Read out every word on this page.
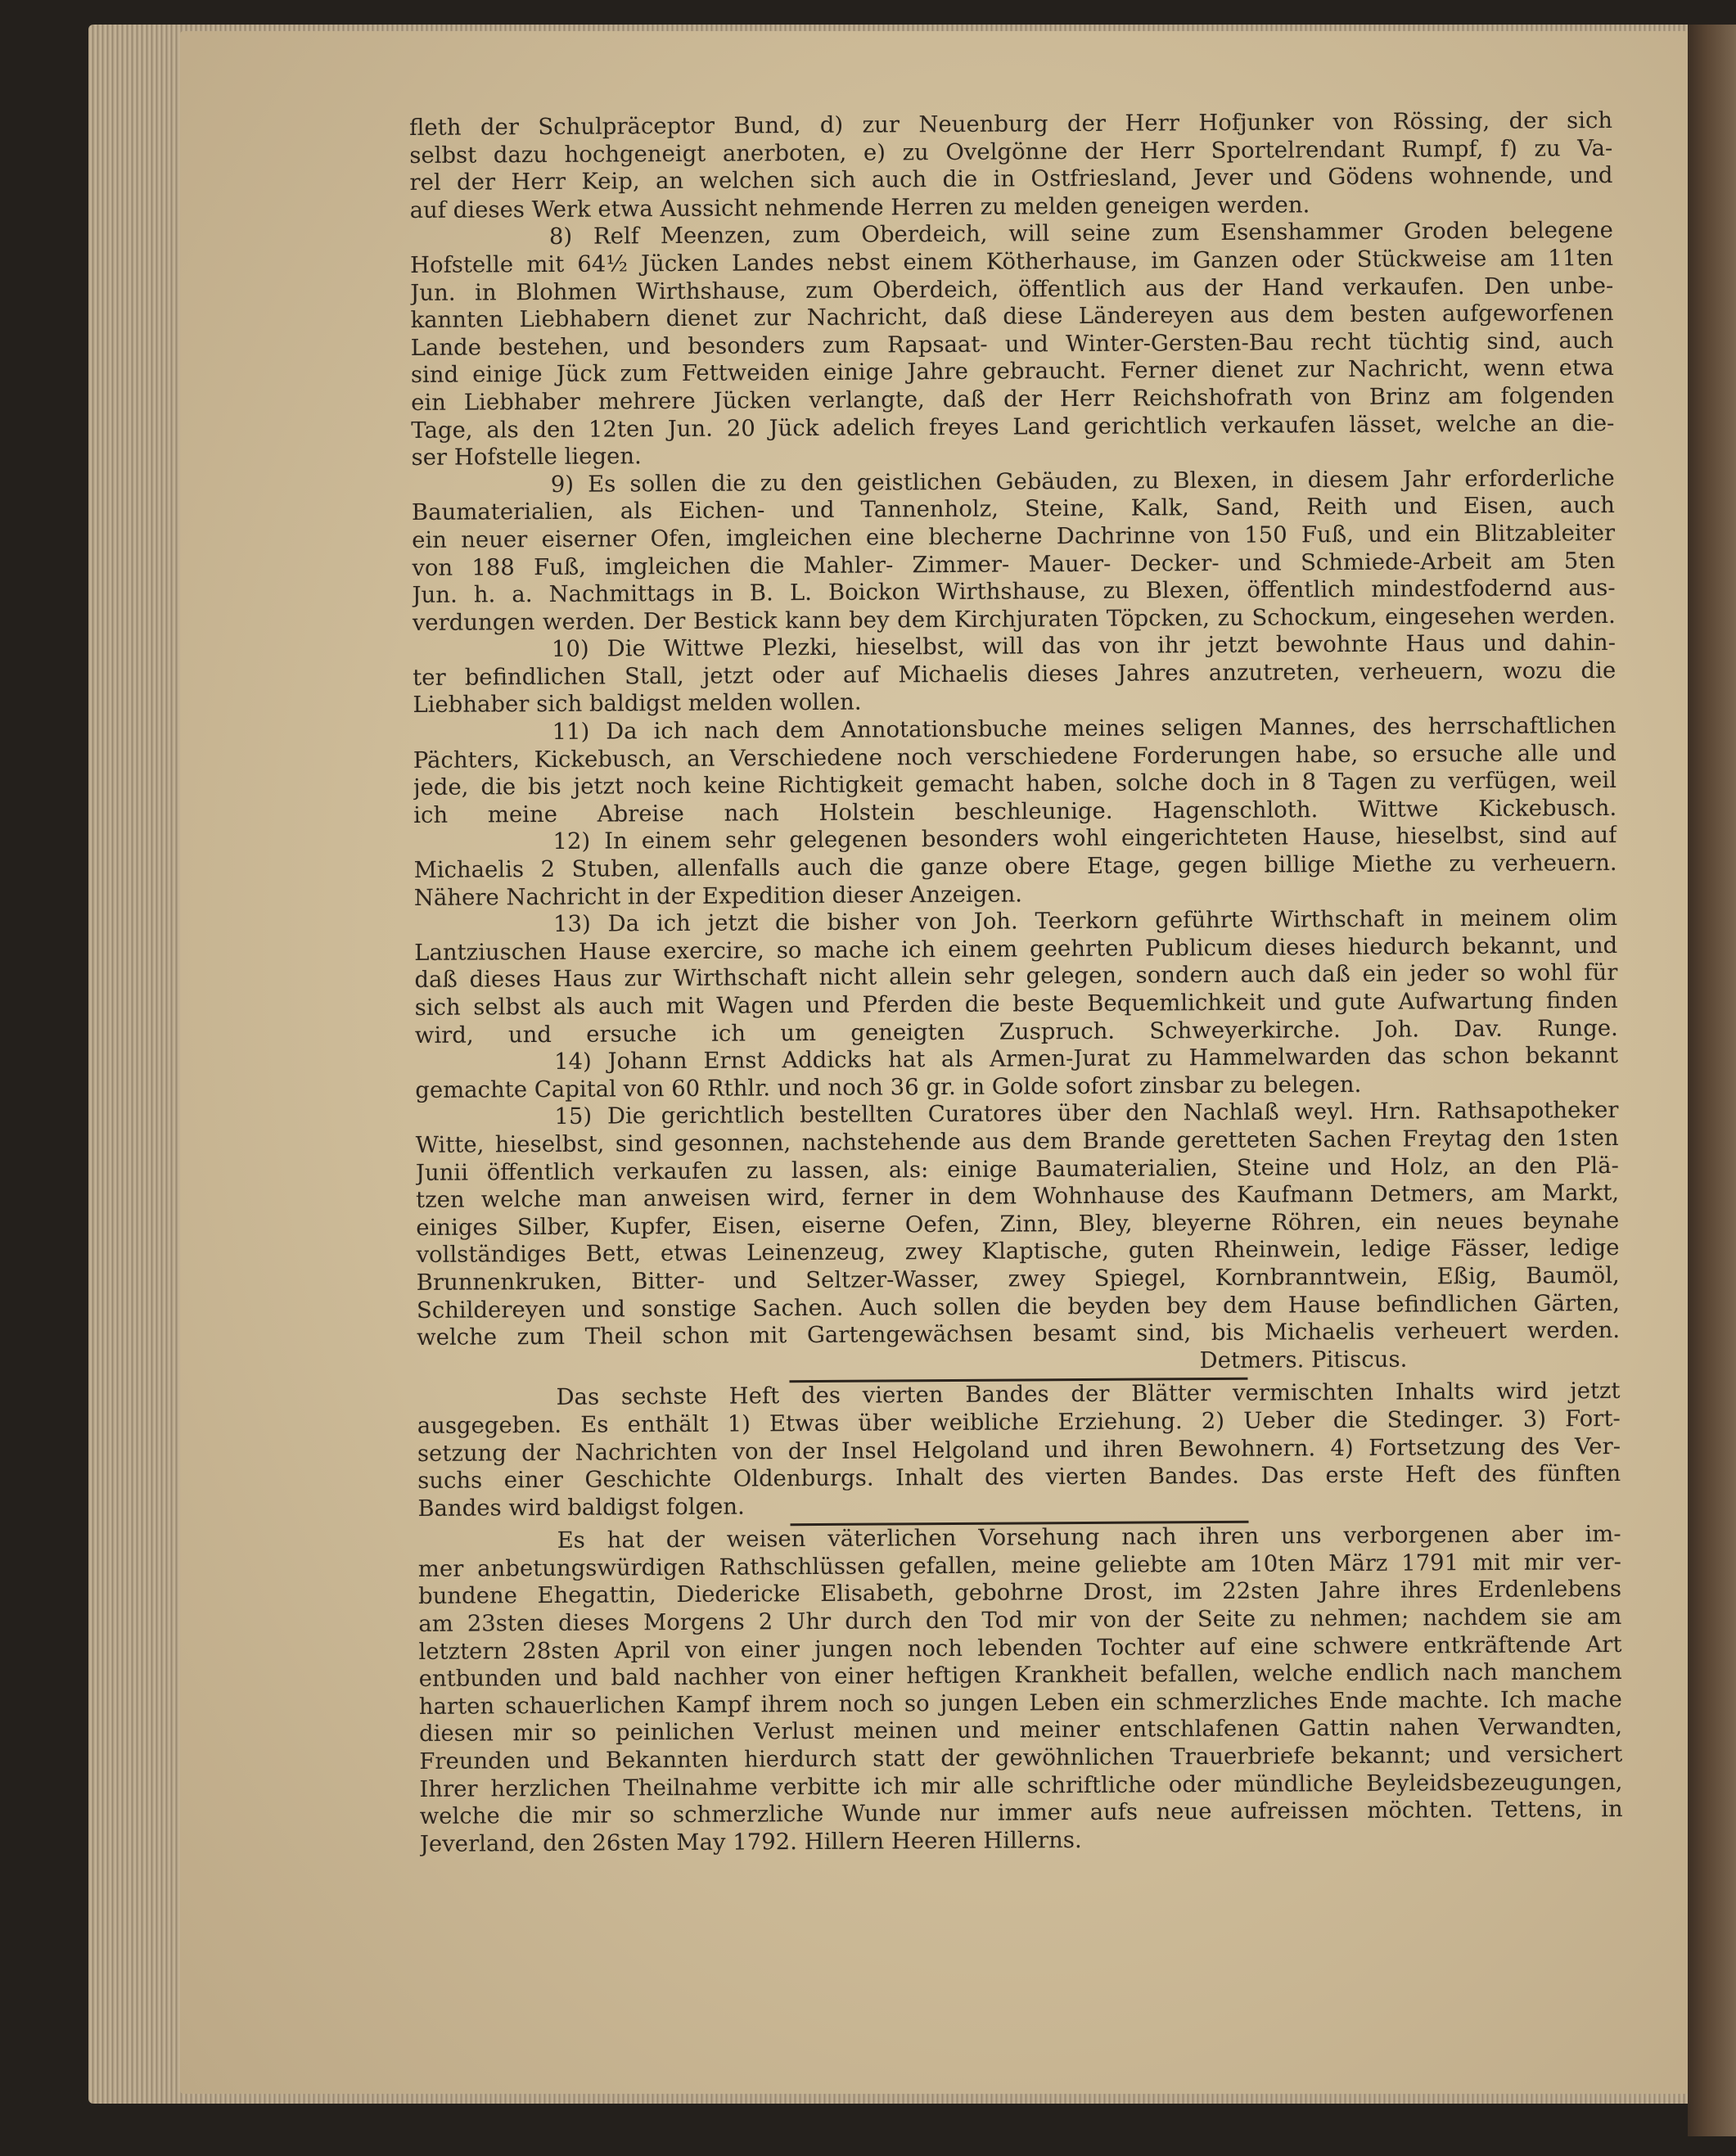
fleth der Schulpräceptor Bund, d) zur Neuenburg der Herr Hofjunker von Rössing, der sich
selbst dazu hochgeneigt anerboten, e) zu Ovelgönne der Herr Sportelrendant Rumpf, f) zu Va-
rel der Herr Keip, an welchen sich auch die in Ostfriesland, Jever und Gödens wohnende, und
auf dieses Werk etwa Aussicht nehmende Herren zu melden geneigen werden.
8) Relf Meenzen, zum Oberdeich, will seine zum Esenshammer Groden belegene
Hofstelle mit 64½ Jücken Landes nebst einem Kötherhause, im Ganzen oder Stückweise am 11ten
Jun. in Blohmen Wirthshause, zum Oberdeich, öffentlich aus der Hand verkaufen. Den unbe-
kannten Liebhabern dienet zur Nachricht, daß diese Ländereyen aus dem besten aufgeworfenen
Lande bestehen, und besonders zum Rapsaat- und Winter-Gersten-Bau recht tüchtig sind, auch
sind einige Jück zum Fettweiden einige Jahre gebraucht. Ferner dienet zur Nachricht, wenn etwa
ein Liebhaber mehrere Jücken verlangte, daß der Herr Reichshofrath von Brinz am folgenden
Tage, als den 12ten Jun. 20 Jück adelich freyes Land gerichtlich verkaufen lässet, welche an die-
ser Hofstelle liegen.
9) Es sollen die zu den geistlichen Gebäuden, zu Blexen, in diesem Jahr erforderliche
Baumaterialien, als Eichen- und Tannenholz, Steine, Kalk, Sand, Reith und Eisen, auch
ein neuer eiserner Ofen, imgleichen eine blecherne Dachrinne von 150 Fuß, und ein Blitzableiter
von 188 Fuß, imgleichen die Mahler- Zimmer- Mauer- Decker- und Schmiede-Arbeit am 5ten
Jun. h. a. Nachmittags in B. L. Boickon Wirthshause, zu Blexen, öffentlich mindestfodernd aus-
verdungen werden. Der Bestick kann bey dem Kirchjuraten Töpcken, zu Schockum, eingesehen werden.
10) Die Wittwe Plezki, hieselbst, will das von ihr jetzt bewohnte Haus und dahin-
ter befindlichen Stall, jetzt oder auf Michaelis dieses Jahres anzutreten, verheuern, wozu die
Liebhaber sich baldigst melden wollen.
11) Da ich nach dem Annotationsbuche meines seligen Mannes, des herrschaftlichen
Pächters, Kickebusch, an Verschiedene noch verschiedene Forderungen habe, so ersuche alle und
jede, die bis jetzt noch keine Richtigkeit gemacht haben, solche doch in 8 Tagen zu verfügen, weil
ich meine Abreise nach Holstein beschleunige. Hagenschloth. Wittwe Kickebusch.
12) In einem sehr gelegenen besonders wohl eingerichteten Hause, hieselbst, sind auf
Michaelis 2 Stuben, allenfalls auch die ganze obere Etage, gegen billige Miethe zu verheuern.
Nähere Nachricht in der Expedition dieser Anzeigen.
13) Da ich jetzt die bisher von Joh. Teerkorn geführte Wirthschaft in meinem olim
Lantziuschen Hause exercire, so mache ich einem geehrten Publicum dieses hiedurch bekannt, und
daß dieses Haus zur Wirthschaft nicht allein sehr gelegen, sondern auch daß ein jeder so wohl für
sich selbst als auch mit Wagen und Pferden die beste Bequemlichkeit und gute Aufwartung finden
wird, und ersuche ich um geneigten Zuspruch. Schweyerkirche. Joh. Dav. Runge.
14) Johann Ernst Addicks hat als Armen-Jurat zu Hammelwarden das schon bekannt
gemachte Capital von 60 Rthlr. und noch 36 gr. in Golde sofort zinsbar zu belegen.
15) Die gerichtlich bestellten Curatores über den Nachlaß weyl. Hrn. Rathsapotheker
Witte, hieselbst, sind gesonnen, nachstehende aus dem Brande geretteten Sachen Freytag den 1sten
Junii öffentlich verkaufen zu lassen, als: einige Baumaterialien, Steine und Holz, an den Plä-
tzen welche man anweisen wird, ferner in dem Wohnhause des Kaufmann Detmers, am Markt,
einiges Silber, Kupfer, Eisen, eiserne Oefen, Zinn, Bley, bleyerne Röhren, ein neues beynahe
vollständiges Bett, etwas Leinenzeug, zwey Klaptische, guten Rheinwein, ledige Fässer, ledige
Brunnenkruken, Bitter- und Seltzer-Wasser, zwey Spiegel, Kornbranntwein, Eßig, Baumöl,
Schildereyen und sonstige Sachen. Auch sollen die beyden bey dem Hause befindlichen Gärten,
welche zum Theil schon mit Gartengewächsen besamt sind, bis Michaelis verheuert werden.
Detmers. Pitiscus.
Das sechste Heft des vierten Bandes der Blätter vermischten Inhalts wird jetzt
ausgegeben. Es enthält 1) Etwas über weibliche Erziehung. 2) Ueber die Stedinger. 3) Fort-
setzung der Nachrichten von der Insel Helgoland und ihren Bewohnern. 4) Fortsetzung des Ver-
suchs einer Geschichte Oldenburgs. Inhalt des vierten Bandes. Das erste Heft des fünften
Bandes wird baldigst folgen.
Es hat der weisen väterlichen Vorsehung nach ihren uns verborgenen aber im-
mer anbetungswürdigen Rathschlüssen gefallen, meine geliebte am 10ten März 1791 mit mir ver-
bundene Ehegattin, Diedericke Elisabeth, gebohrne Drost, im 22sten Jahre ihres Erdenlebens
am 23sten dieses Morgens 2 Uhr durch den Tod mir von der Seite zu nehmen; nachdem sie am
letztern 28sten April von einer jungen noch lebenden Tochter auf eine schwere entkräftende Art
entbunden und bald nachher von einer heftigen Krankheit befallen, welche endlich nach manchem
harten schauerlichen Kampf ihrem noch so jungen Leben ein schmerzliches Ende machte. Ich mache
diesen mir so peinlichen Verlust meinen und meiner entschlafenen Gattin nahen Verwandten,
Freunden und Bekannten hierdurch statt der gewöhnlichen Trauerbriefe bekannt; und versichert
Ihrer herzlichen Theilnahme verbitte ich mir alle schriftliche oder mündliche Beyleidsbezeugungen,
welche die mir so schmerzliche Wunde nur immer aufs neue aufreissen möchten. Tettens, in
Jeverland, den 26sten May 1792. Hillern Heeren Hillerns.
